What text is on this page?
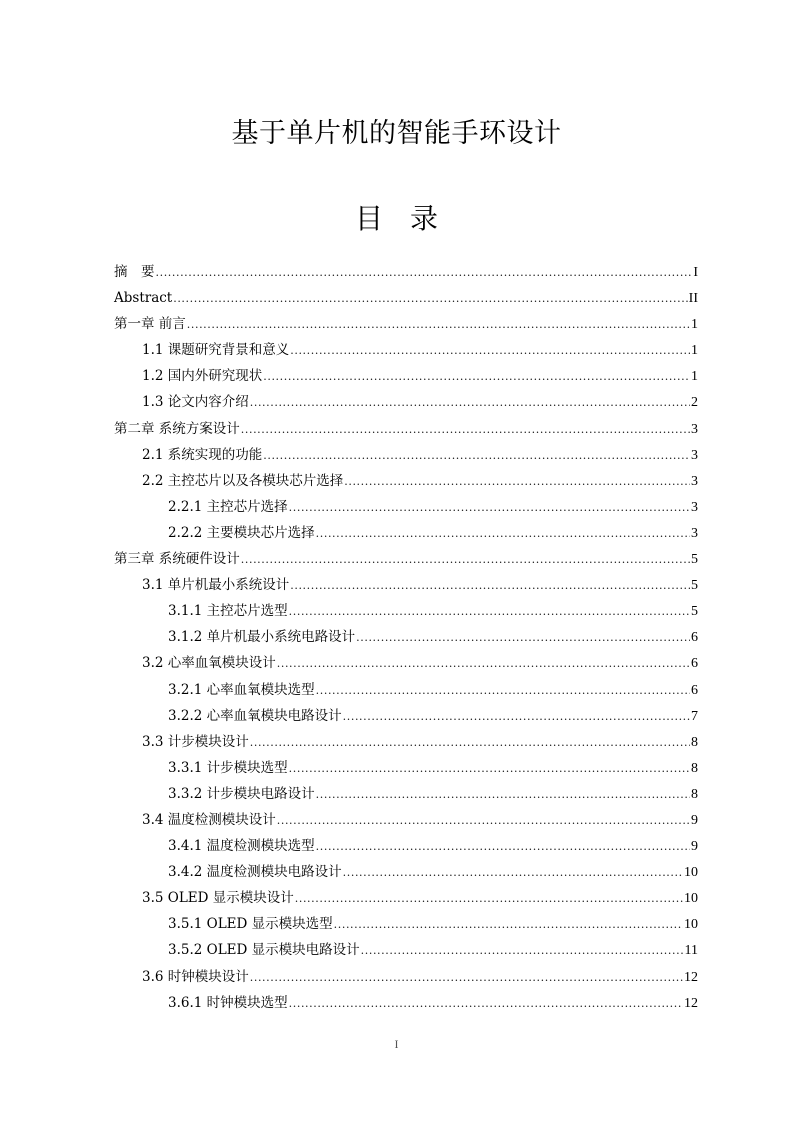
基于单片机的智能手环设计
目 录
摘　要 .....	I
Abstract .....	II
第一章 前言 .....	1
1.1 课题研究背景和意义 .....	1
1.2 国内外研究现状 .....	1
1.3 论文内容介绍 .....	2
第二章 系统方案设计 .....	3
2.1 系统实现的功能 .....	3
2.2 主控芯片以及各模块芯片选择 .....	3
2.2.1 主控芯片选择 .....	3
2.2.2 主要模块芯片选择 .....	3
第三章 系统硬件设计 .....	5
3.1 单片机最小系统设计 .....	5
3.1.1 主控芯片选型 .....	5
3.1.2 单片机最小系统电路设计 .....	6
3.2 心率血氧模块设计 .....	6
3.2.1 心率血氧模块选型 .....	6
3.2.2 心率血氧模块电路设计 .....	7
3.3 计步模块设计 .....	8
3.3.1 计步模块选型 .....	8
3.3.2 计步模块电路设计 .....	8
3.4 温度检测模块设计 .....	9
3.4.1 温度检测模块选型 .....	9
3.4.2 温度检测模块电路设计 .....	10
3.5 OLED 显示模块设计 .....	10
3.5.1 OLED 显示模块选型 .....	10
3.5.2 OLED 显示模块电路设计 .....	11
3.6 时钟模块设计 .....	12
3.6.1 时钟模块选型 .....	12
I
